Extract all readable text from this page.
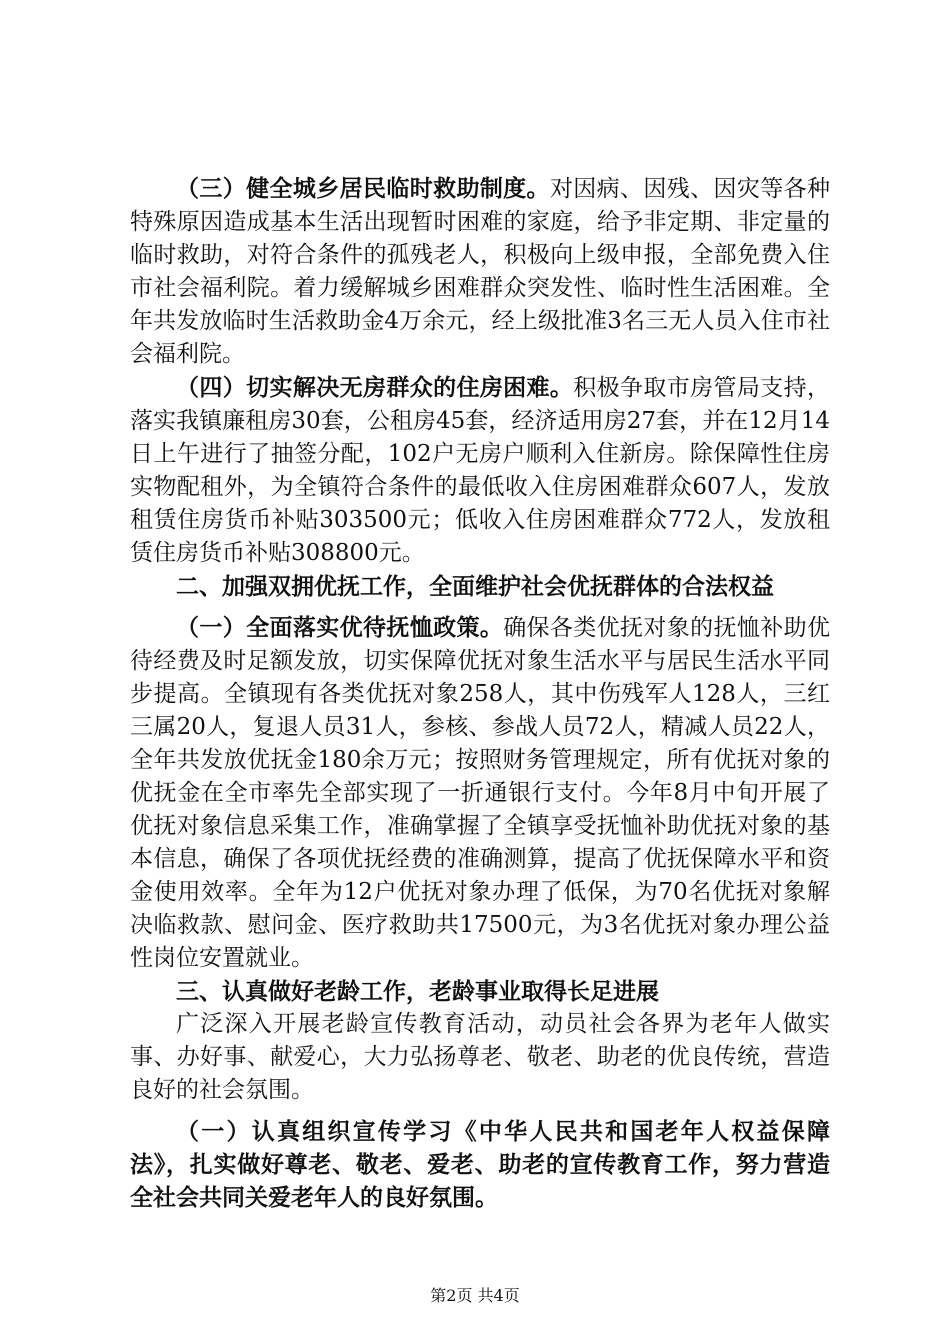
（三）健全城乡居民临时救助制度。对因病、因残、因灾等各种特殊原因造成基本生活出现暂时困难的家庭，给予非定期、非定量的临时救助，对符合条件的孤残老人，积极向上级申报，全部免费入住市社会福利院。着力缓解城乡困难群众突发性、临时性生活困难。全年共发放临时生活救助金4万余元，经上级批准3名三无人员入住市社会福利院。

（四）切实解决无房群众的住房困难。积极争取市房管局支持，落实我镇廉租房30套，公租房45套，经济适用房27套，并在12月14日上午进行了抽签分配，102户无房户顺利入住新房。除保障性住房实物配租外，为全镇符合条件的最低收入住房困难群众607人，发放租赁住房货币补贴303500元；低收入住房困难群众772人，发放租赁住房货币补贴308800元。

二、加强双拥优抚工作，全面维护社会优抚群体的合法权益

（一）全面落实优待抚恤政策。确保各类优抚对象的抚恤补助优待经费及时足额发放，切实保障优抚对象生活水平与居民生活水平同步提高。全镇现有各类优抚对象258人，其中伤残军人128人，三红三属20人，复退人员31人，参核、参战人员72人，精减人员22人，全年共发放优抚金180余万元；按照财务管理规定，所有优抚对象的优抚金在全市率先全部实现了一折通银行支付。今年8月中旬开展了优抚对象信息采集工作，准确掌握了全镇享受抚恤补助优抚对象的基本信息，确保了各项优抚经费的准确测算，提高了优抚保障水平和资金使用效率。全年为12户优抚对象办理了低保，为70名优抚对象解决临救款、慰问金、医疗救助共17500元，为3名优抚对象办理公益性岗位安置就业。

三、认真做好老龄工作，老龄事业取得长足进展

广泛深入开展老龄宣传教育活动，动员社会各界为老年人做实事、办好事、献爱心，大力弘扬尊老、敬老、助老的优良传统，营造良好的社会氛围。

（一）认真组织宣传学习《中华人民共和国老年人权益保障法》，扎实做好尊老、敬老、爱老、助老的宣传教育工作，努力营造全社会共同关爱老年人的良好氛围。

第2页 共4页
